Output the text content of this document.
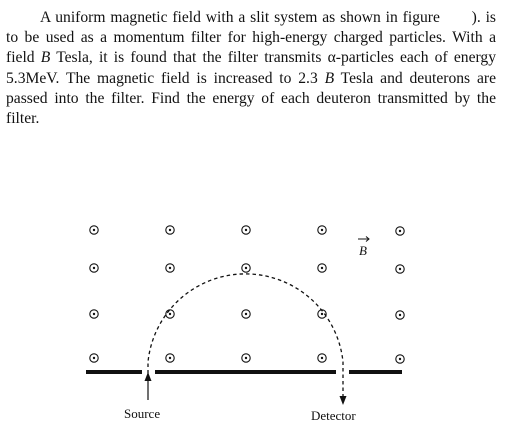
A uniform magnetic field with a slit system as shown in figure ). is to be used as a momentum filter for high-energy charged particles. With a field B Tesla, it is found that the filter transmits α-particles each of energy 5.3MeV. The magnetic field is increased to 2.3 B Tesla and deuterons are passed into the filter. Find the energy of each deuteron transmitted by the filter.
B
Source	Detector
